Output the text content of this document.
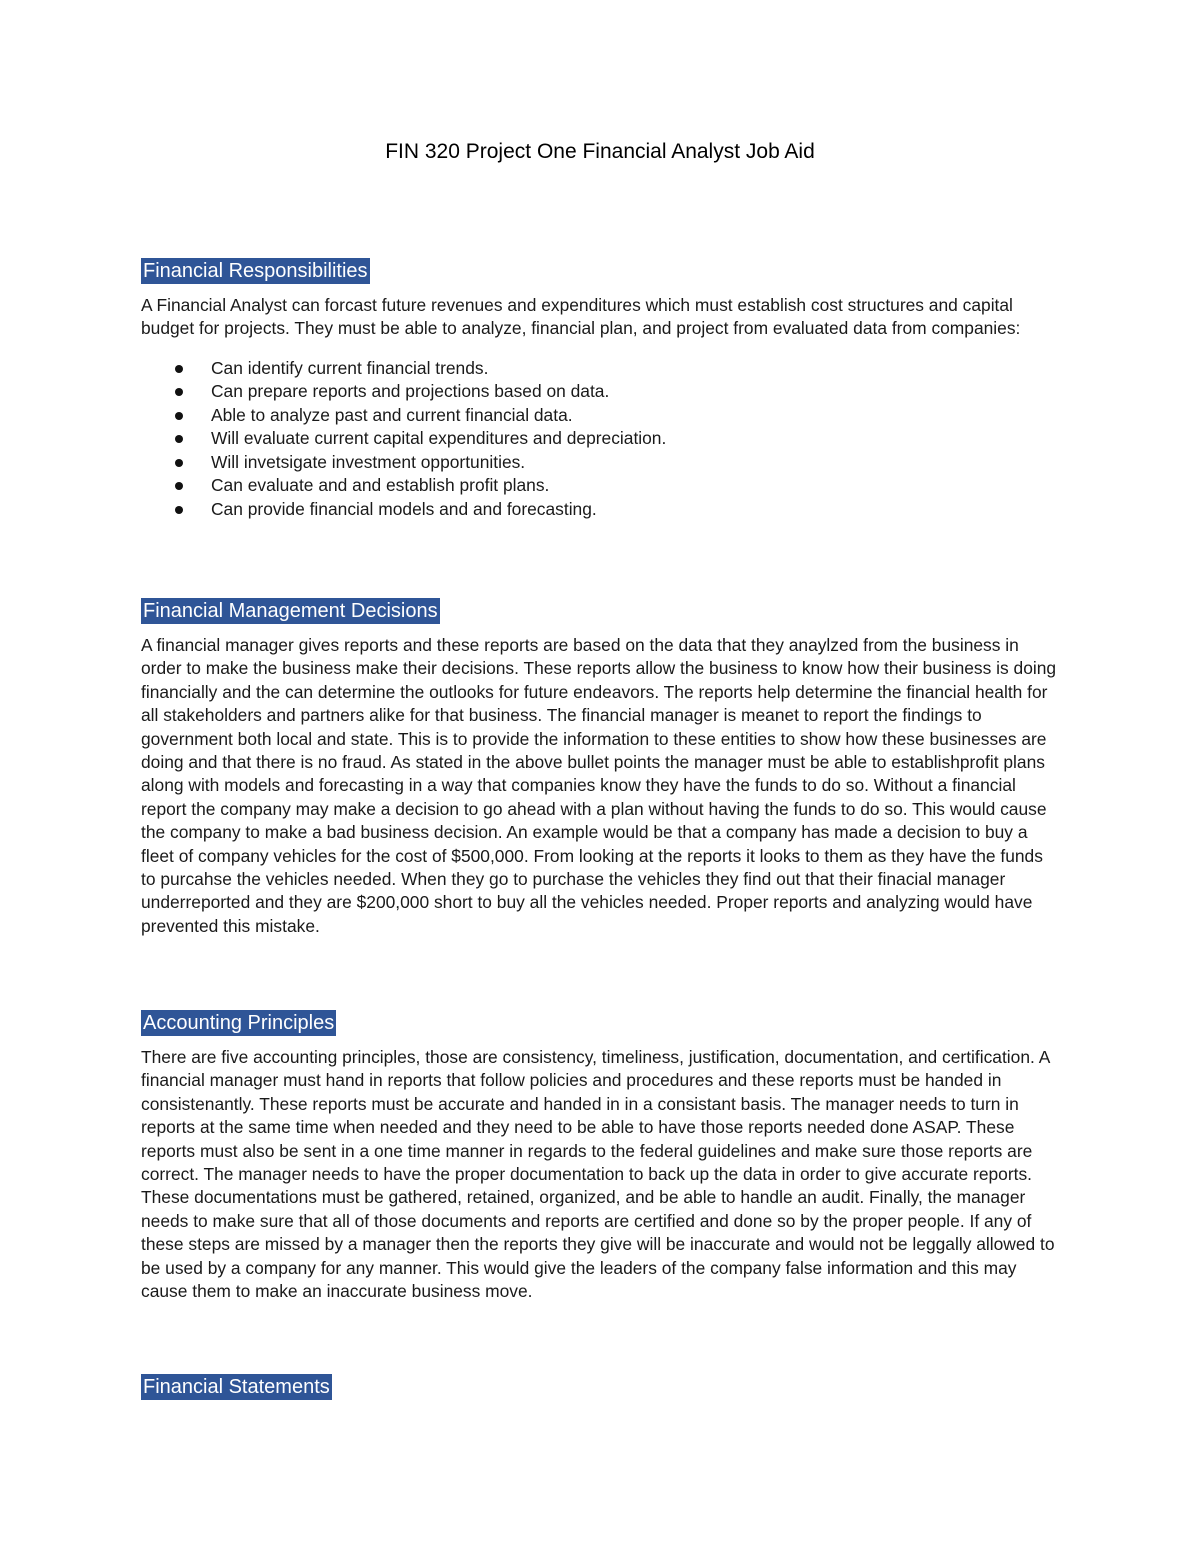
FIN 320 Project One Financial Analyst Job Aid
Financial Responsibilities

A Financial Analyst can forcast future revenues and expenditures which must establish cost structures and capital budget for projects. They must be able to analyze, financial plan, and project from evaluated data from companies:

Can identify current financial trends.
Can prepare reports and projections based on data.
Able to analyze past and current financial data.
Will evaluate current capital expenditures and depreciation.
Will invetsigate investment opportunities.
Can evaluate and and establish profit plans.
Can provide financial models and and forecasting.
Financial Management Decisions

A financial manager gives reports and these reports are based on the data that they anaylzed from the business in order to make the business make their decisions. These reports allow the business to know how their business is doing financially and the can determine the outlooks for future endeavors. The reports help determine the financial health for all stakeholders and partners alike for that business. The financial manager is meanet to report the findings to government both local and state. This is to provide the information to these entities to show how these businesses are doing and that there is no fraud. As stated in the above bullet points the manager must be able to establishprofit plans along with models and forecasting in a way that companies know they have the funds to do so. Without a financial report the company may make a decision to go ahead with a plan without having the funds to do so. This would cause the company to make a bad business decision. An example would be that a company has made a decision to buy a fleet of company vehicles for the cost of $500,000. From looking at the reports it looks to them as they have the funds to purcahse the vehicles needed. When they go to purchase the vehicles they find out that their finacial manager underreported and they are $200,000 short to buy all the vehicles needed. Proper reports and analyzing would have prevented this mistake.

Accounting Principles

There are five accounting principles, those are consistency, timeliness, justification, documentation, and certification. A financial manager must hand in reports that follow policies and procedures and these reports must be handed in consistenantly. These reports must be accurate and handed in in a consistant basis. The manager needs to turn in reports at the same time when needed and they need to be able to have those reports needed done ASAP. These reports must also be sent in a one time manner in regards to the federal guidelines and make sure those reports are correct. The manager needs to have the proper documentation to back up the data in order to give accurate reports. These documentations must be gathered, retained, organized, and be able to handle an audit. Finally, the manager needs to make sure that all of those documents and reports are certified and done so by the proper people. If any of these steps are missed by a manager then the reports they give will be inaccurate and would not be leggally allowed to be used by a company for any manner. This would give the leaders of the company false information and this may cause them to make an inaccurate business move.

Financial Statements
